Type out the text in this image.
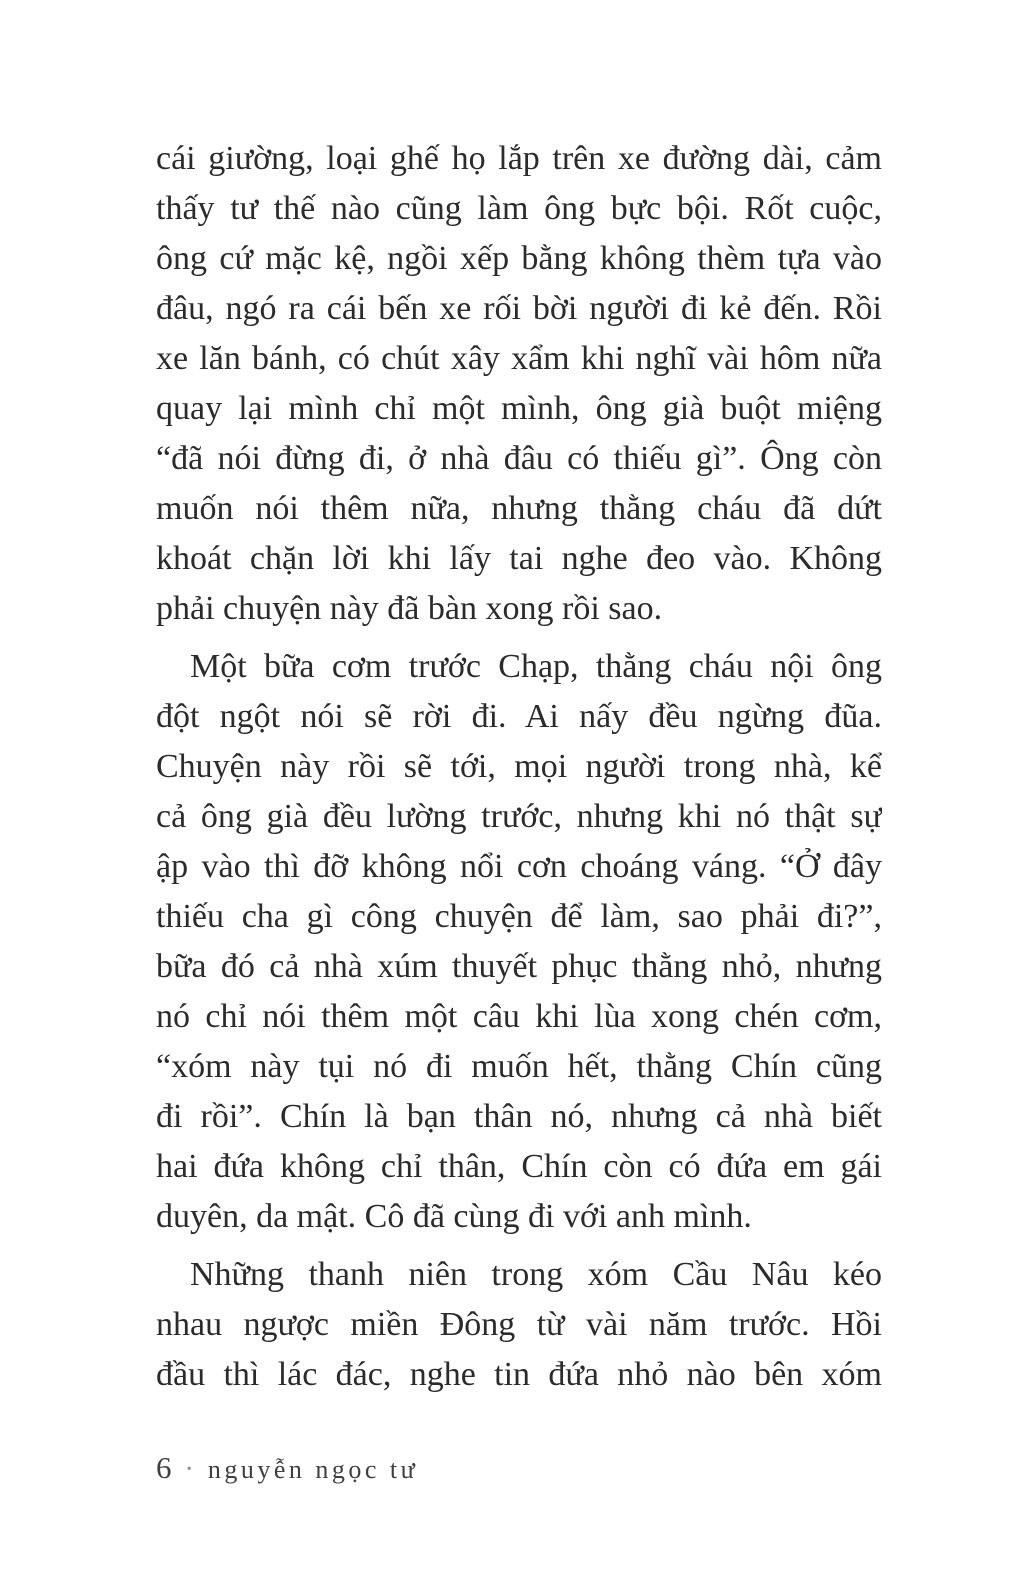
cái giường, loại ghế họ lắp trên xe đường dài, cảm
thấy tư thế nào cũng làm ông bực bội. Rốt cuộc,
ông cứ mặc kệ, ngồi xếp bằng không thèm tựa vào
đâu, ngó ra cái bến xe rối bời người đi kẻ đến. Rồi
xe lăn bánh, có chút xây xẩm khi nghĩ vài hôm nữa
quay lại mình chỉ một mình, ông già buột miệng
“đã nói đừng đi, ở nhà đâu có thiếu gì”. Ông còn
muốn nói thêm nữa, nhưng thằng cháu đã dứt
khoát chặn lời khi lấy tai nghe đeo vào. Không
phải chuyện này đã bàn xong rồi sao.
Một bữa cơm trước Chạp, thằng cháu nội ông
đột ngột nói sẽ rời đi. Ai nấy đều ngừng đũa.
Chuyện này rồi sẽ tới, mọi người trong nhà, kể
cả ông già đều lường trước, nhưng khi nó thật sự
ập vào thì đỡ không nổi cơn choáng váng. “Ở đây
thiếu cha gì công chuyện để làm, sao phải đi?”,
bữa đó cả nhà xúm thuyết phục thằng nhỏ, nhưng
nó chỉ nói thêm một câu khi lùa xong chén cơm,
“xóm này tụi nó đi muốn hết, thằng Chín cũng
đi rồi”. Chín là bạn thân nó, nhưng cả nhà biết
hai đứa không chỉ thân, Chín còn có đứa em gái
duyên, da mật. Cô đã cùng đi với anh mình.
Những thanh niên trong xóm Cầu Nâu kéo
nhau ngược miền Đông từ vài năm trước. Hồi
đầu thì lác đác, nghe tin đứa nhỏ nào bên xóm
6 · nguyễn ngọc tư
